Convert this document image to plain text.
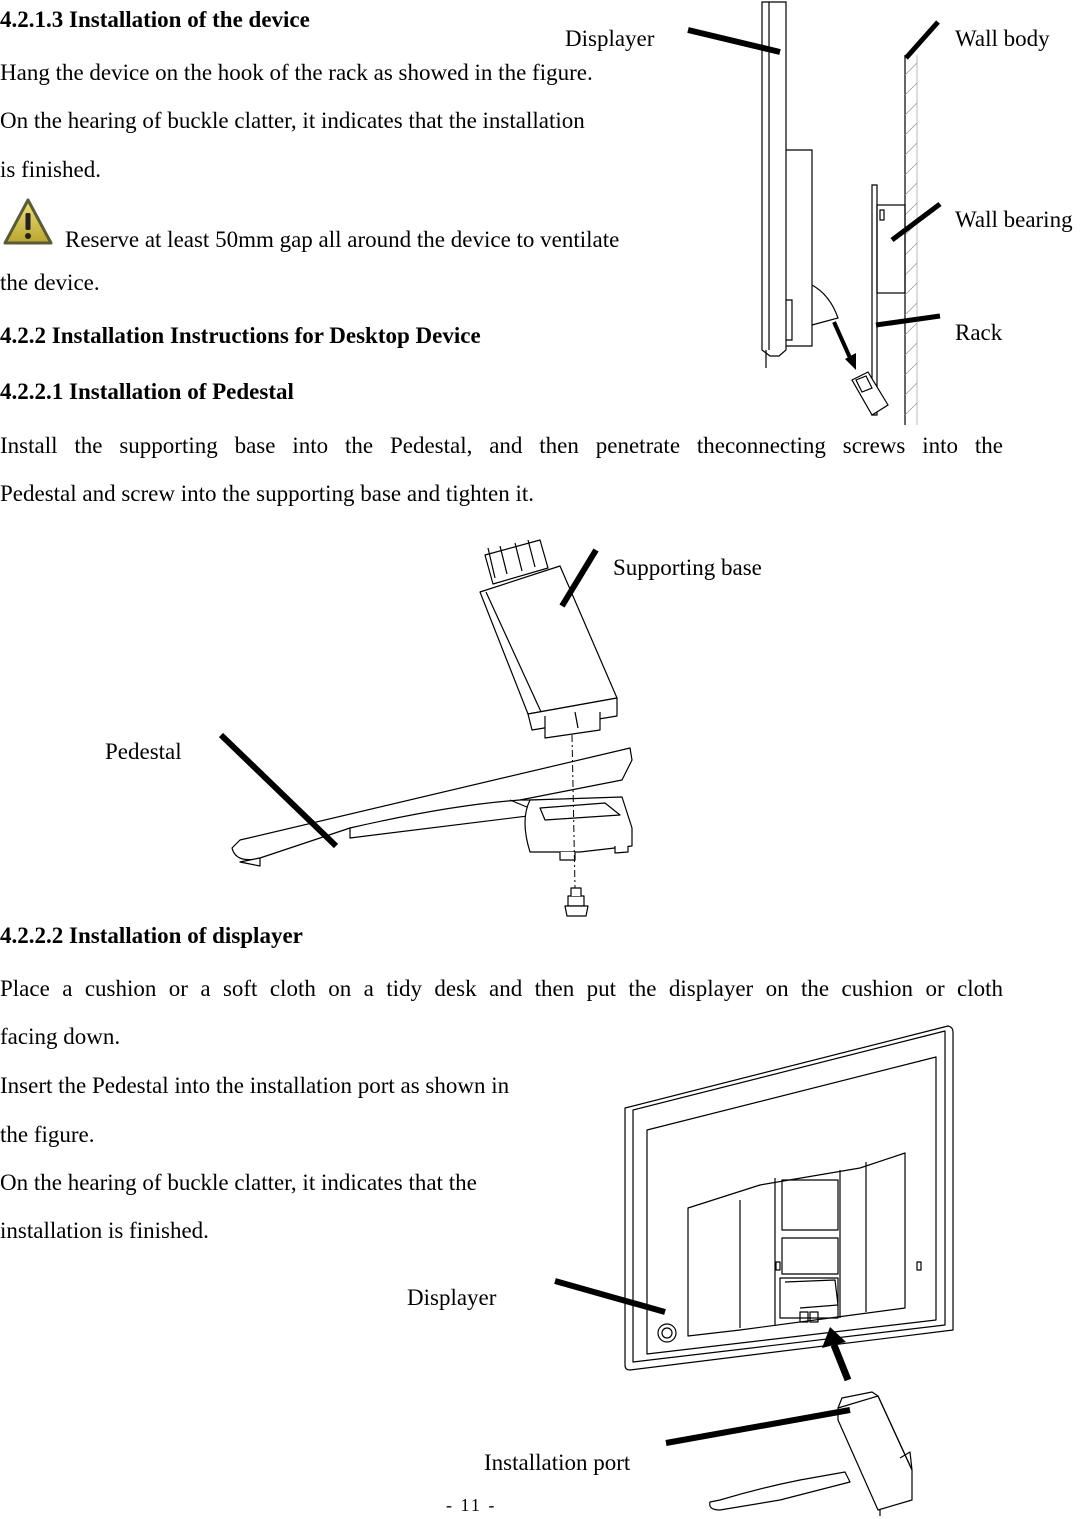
4.2.1.3 Installation of the device
Hang the device on the hook of the rack as showed in the figure.
On the hearing of buckle clatter, it indicates that the installation
is finished.
Reserve at least 50mm gap all around the device to ventilate
the device.
4.2.2 Installation Instructions for Desktop Device
4.2.2.1 Installation of Pedestal
Install the supporting base into the Pedestal, and then penetrate theconnecting screws into the
Pedestal and screw into the supporting base and tighten it.
Displayer	Wall body
Wall bearing
Rack
Supporting base
Pedestal
4.2.2.2 Installation of displayer
Place a cushion or a soft cloth on a tidy desk and then put the displayer on the cushion or cloth
facing down.
Insert the Pedestal into the installation port as shown in
the figure.
On the hearing of buckle clatter, it indicates that the
installation is finished.
Displayer
Installation port
- 11 -
